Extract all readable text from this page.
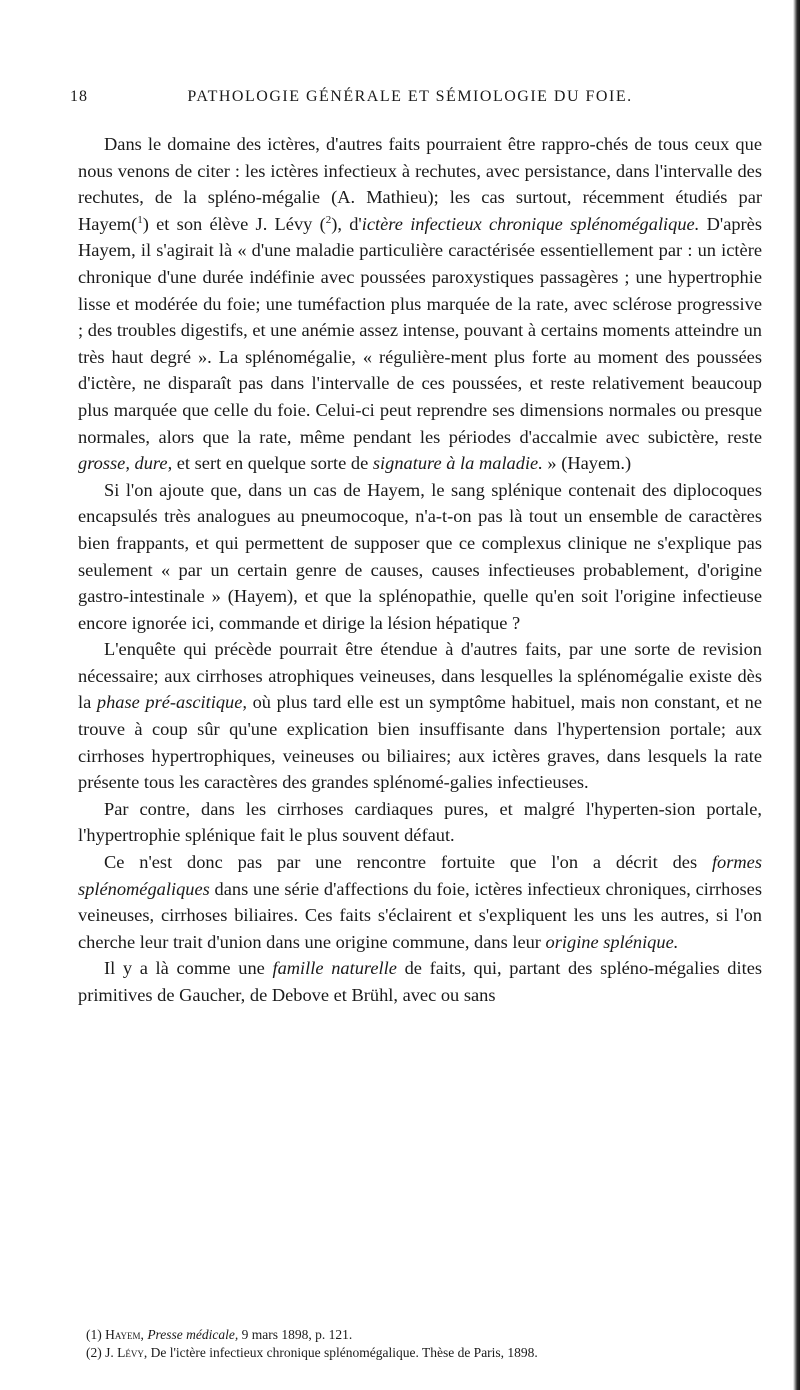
18	PATHOLOGIE GÉNÉRALE ET SÉMIOLOGIE DU FOIE.

Dans le domaine des ictères, d'autres faits pourraient être rappro-chés de tous ceux que nous venons de citer : les ictères infectieux à rechutes, avec persistance, dans l'intervalle des rechutes, de la spléno-mégalie (A. Mathieu); les cas surtout, récemment étudiés par Hayem($^1$) et son élève J. Lévy ($^2$), d'ictère infectieux chronique splénomégalique. D'après Hayem, il s'agirait là « d'une maladie particulière caractérisée essentiellement par : un ictère chronique d'une durée indéfinie avec poussées paroxystiques passagères ; une hypertrophie lisse et modérée du foie; une tuméfaction plus marquée de la rate, avec sclérose progressive ; des troubles digestifs, et une anémie assez intense, pouvant à certains moments atteindre un très haut degré ». La splénomégalie, « régulière-ment plus forte au moment des poussées d'ictère, ne disparaît pas dans l'intervalle de ces poussées, et reste relativement beaucoup plus marquée que celle du foie. Celui-ci peut reprendre ses dimensions normales ou presque normales, alors que la rate, même pendant les périodes d'accalmie avec subictère, reste grosse, dure, et sert en quelque sorte de signature à la maladie. » (Hayem.)

Si l'on ajoute que, dans un cas de Hayem, le sang splénique contenait des diplocoques encapsulés très analogues au pneumocoque, n'a-t-on pas là tout un ensemble de caractères bien frappants, et qui permettent de supposer que ce complexus clinique ne s'explique pas seulement « par un certain genre de causes, causes infectieuses probablement, d'origine gastro-intestinale » (Hayem), et que la splénopathie, quelle qu'en soit l'origine infectieuse encore ignorée ici, commande et dirige la lésion hépatique ?

L'enquête qui précède pourrait être étendue à d'autres faits, par une sorte de revision nécessaire; aux cirrhoses atrophiques veineuses, dans lesquelles la splénomégalie existe dès la phase pré-ascitique, où plus tard elle est un symptôme habituel, mais non constant, et ne trouve à coup sûr qu'une explication bien insuffisante dans l'hypertension portale; aux cirrhoses hypertrophiques, veineuses ou biliaires; aux ictères graves, dans lesquels la rate présente tous les caractères des grandes splénomé-galies infectieuses.

Par contre, dans les cirrhoses cardiaques pures, et malgré l'hyperten-sion portale, l'hypertrophie splénique fait le plus souvent défaut.

Ce n'est donc pas par une rencontre fortuite que l'on a décrit des formes splénomégaliques dans une série d'affections du foie, ictères infectieux chroniques, cirrhoses veineuses, cirrhoses biliaires. Ces faits s'éclairent et s'expliquent les uns les autres, si l'on cherche leur trait d'union dans une origine commune, dans leur origine splénique.

Il y a là comme une famille naturelle de faits, qui, partant des spléno-mégalies dites primitives de Gaucher, de Debove et Brühl, avec ou sans

(1) Hayem, Presse médicale, 9 mars 1898, p. 121.

(2) J. Lévy, De l'ictère infectieux chronique splénomégalique. Thèse de Paris, 1898.
